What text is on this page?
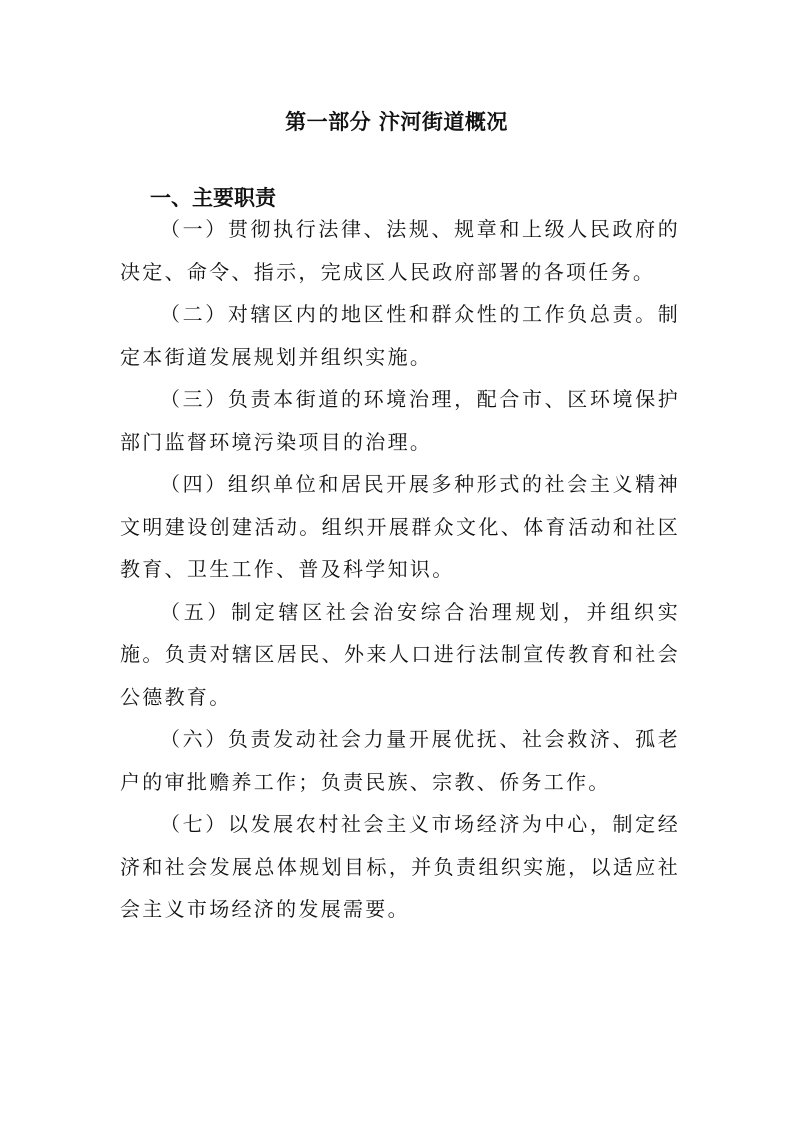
第一部分 汴河街道概况
一、主要职责

（一）贯彻执行法律、法规、规章和上级人民政府的决定、命令、指示，完成区人民政府部署的各项任务。

（二）对辖区内的地区性和群众性的工作负总责。制定本街道发展规划并组织实施。

（三）负责本街道的环境治理，配合市、区环境保护部门监督环境污染项目的治理。

（四）组织单位和居民开展多种形式的社会主义精神文明建设创建活动。组织开展群众文化、体育活动和社区教育、卫生工作、普及科学知识。

（五）制定辖区社会治安综合治理规划，并组织实施。负责对辖区居民、外来人口进行法制宣传教育和社会公德教育。

（六）负责发动社会力量开展优抚、社会救济、孤老户的审批赡养工作；负责民族、宗教、侨务工作。

（七）以发展农村社会主义市场经济为中心，制定经济和社会发展总体规划目标，并负责组织实施，以适应社会主义市场经济的发展需要。
